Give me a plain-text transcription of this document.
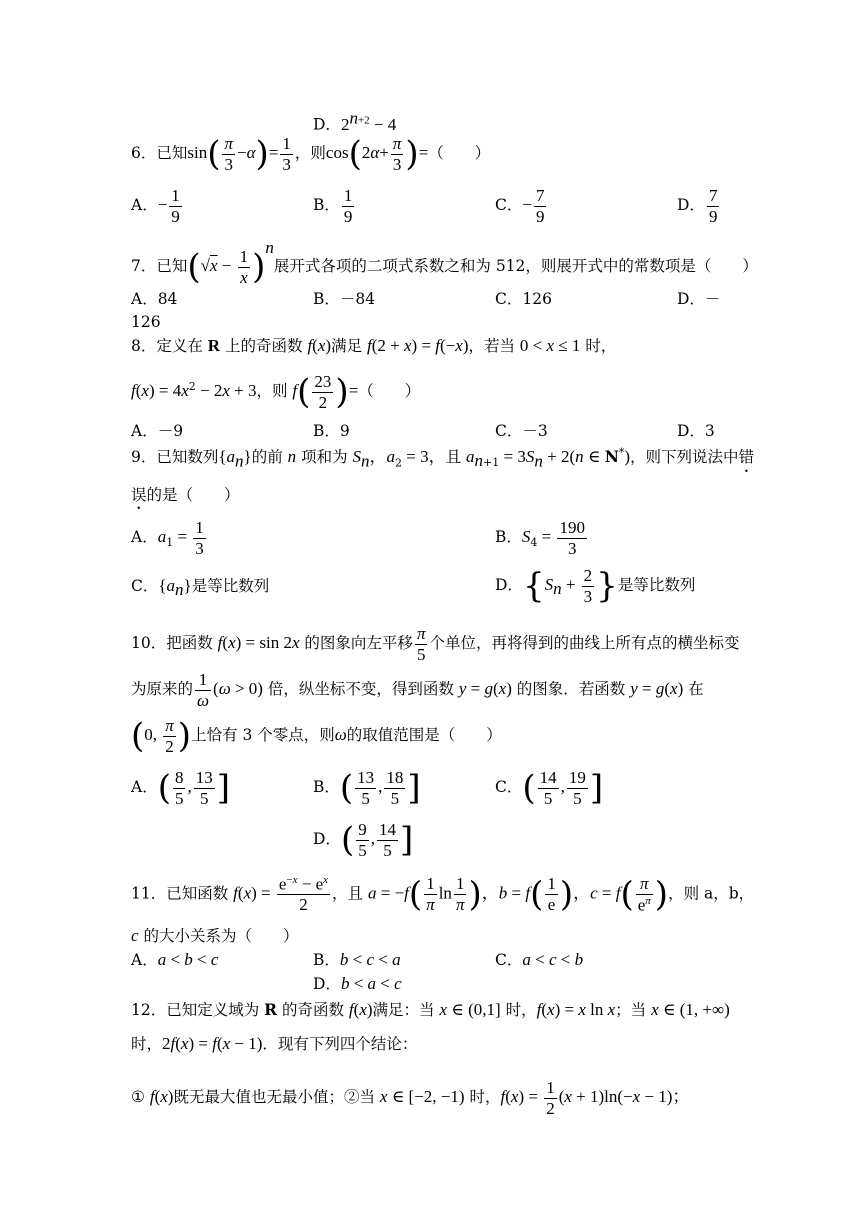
D．$2^{n+2} - 4$
6．已知$\sin( \frac{\pi}{3} -\alpha)= \frac{1}{3}$ ，则$\cos(2\alpha+ \frac{\pi}{3}$ )=（　　）
A．− $\frac{1}{9}$	B． $\frac{1}{9}$	C．− $\frac{7}{9}$	D． $\frac{7}{9}$
7．已知$(√x - \frac{1}{x} )^n$展开式各项的二项式系数之和为 512，则展开式中的常数项是（　　）
A．84	B．－84	C．126	D．－
126
8．定义在 R 上的奇函数 f(x)满足 f(2 + x) = f(−x)，若当 0 < x ≤ 1 时，
$f(x) = 4x^2 - 2x + 3$，则 $f( \frac{23}{2}$ )=（　　）
A．－9	B．9	C．－3	D．3
9．已知数列$\{a_n\}$的前 n 项和为 $S_n$，$a_2 = 3$，且 $a_{n+1} = 3S_n + 2(n$ ∈ N*)，则下列说法中错
误的是（　　）
A．$a_1 = \frac{1}{3}$	B．$S_4 = \frac{190}{3}$
C．$\{a_n\}$是等比数列	D．{$S_n + \frac{2}{3}$ }是等比数列
10．把函数 f(x) = sin 2x 的图象向左平移 $\frac{\pi}{5}$ 个单位，再将得到的曲线上所有点的横坐标变
为原来的 $\frac{1}{\omega} (\omega > 0)$ 倍，纵坐标不变，得到函数 y = g(x) 的图象．若函数 y = g(x) 在
(0, $\frac{\pi}{2}$ )上恰有 3 个零点，则ω的取值范围是（　　）
A．( $\frac{8}{5}$ , $\frac{13}{5}$ ]	B．( $\frac{13}{5}$ , $\frac{18}{5}$ ]	C．( $\frac{14}{5}$ , $\frac{19}{5}$ ]
D．( $\frac{9}{5}$ , $\frac{14}{5}$ ]
11．已知函数 $f(x) = \frac{e^{-x} - e^x}{2}$ ，且 $a = -f( \frac{1}{\pi}$ $\ln \frac{1}{\pi}$ )，$b = f( \frac{1}{e}$ )，$c = f( \frac{\pi}{e^\pi}$ )，则 a，b，
c 的大小关系为（　　）
A．a < b < c	B．b < c < a	C．a < c < b
D．b < a < c
12．已知定义域为 R 的奇函数 f(x)满足：当 x ∈ (0,1] 时，f(x) = x ln x；当 x ∈ (1, +∞)
时，2f(x) = f(x − 1)．现有下列四个结论：
① f(x)既无最大值也无最小值；②当 x ∈ [−2, −1) 时，$f(x) = \frac{1}{2} (x + 1)\ln(-x - 1)$；
